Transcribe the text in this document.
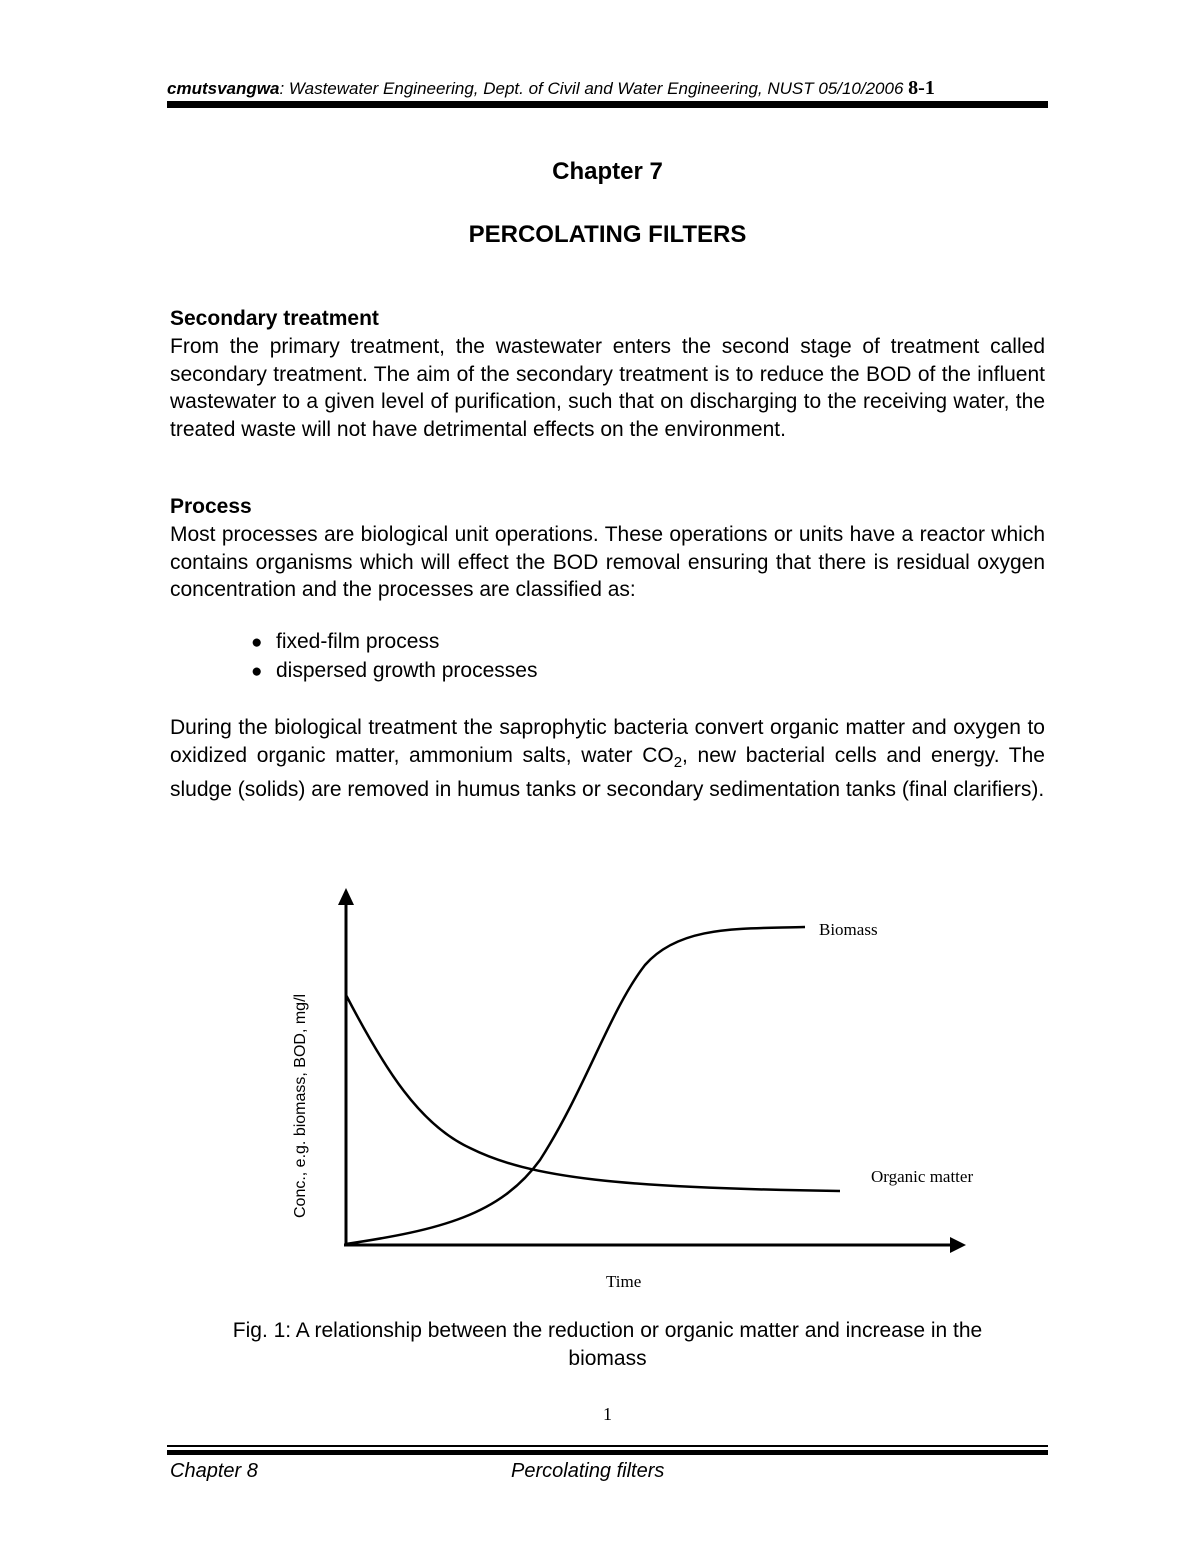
cmutsvangwa: Wastewater Engineering, Dept. of Civil and Water Engineering, NUST 05/10/2006 8-1
Chapter 7
PERCOLATING FILTERS
Secondary treatment
From the primary treatment, the wastewater enters the second stage of treatment called secondary treatment. The aim of the secondary treatment is to reduce the BOD of the influent wastewater to a given level of purification, such that on discharging to the receiving water, the treated waste will not have detrimental effects on the environment.
Process
Most processes are biological unit operations. These operations or units have a reactor which contains organisms which will effect the BOD removal ensuring that there is residual oxygen concentration and the processes are classified as:
● fixed-film process
● dispersed growth processes
During the biological treatment the saprophytic bacteria convert organic matter and oxygen to oxidized organic matter, ammonium salts, water $CO_2$, new bacterial cells and energy. The sludge (solids) are removed in humus tanks or secondary sedimentation tanks (final clarifiers).
Biomass
Organic matter
Time
Conc., e.g. biomass, BOD, mg/l
Fig. 1: A relationship between the reduction or organic matter and increase in the
biomass
1
Chapter 8	Percolating filters
